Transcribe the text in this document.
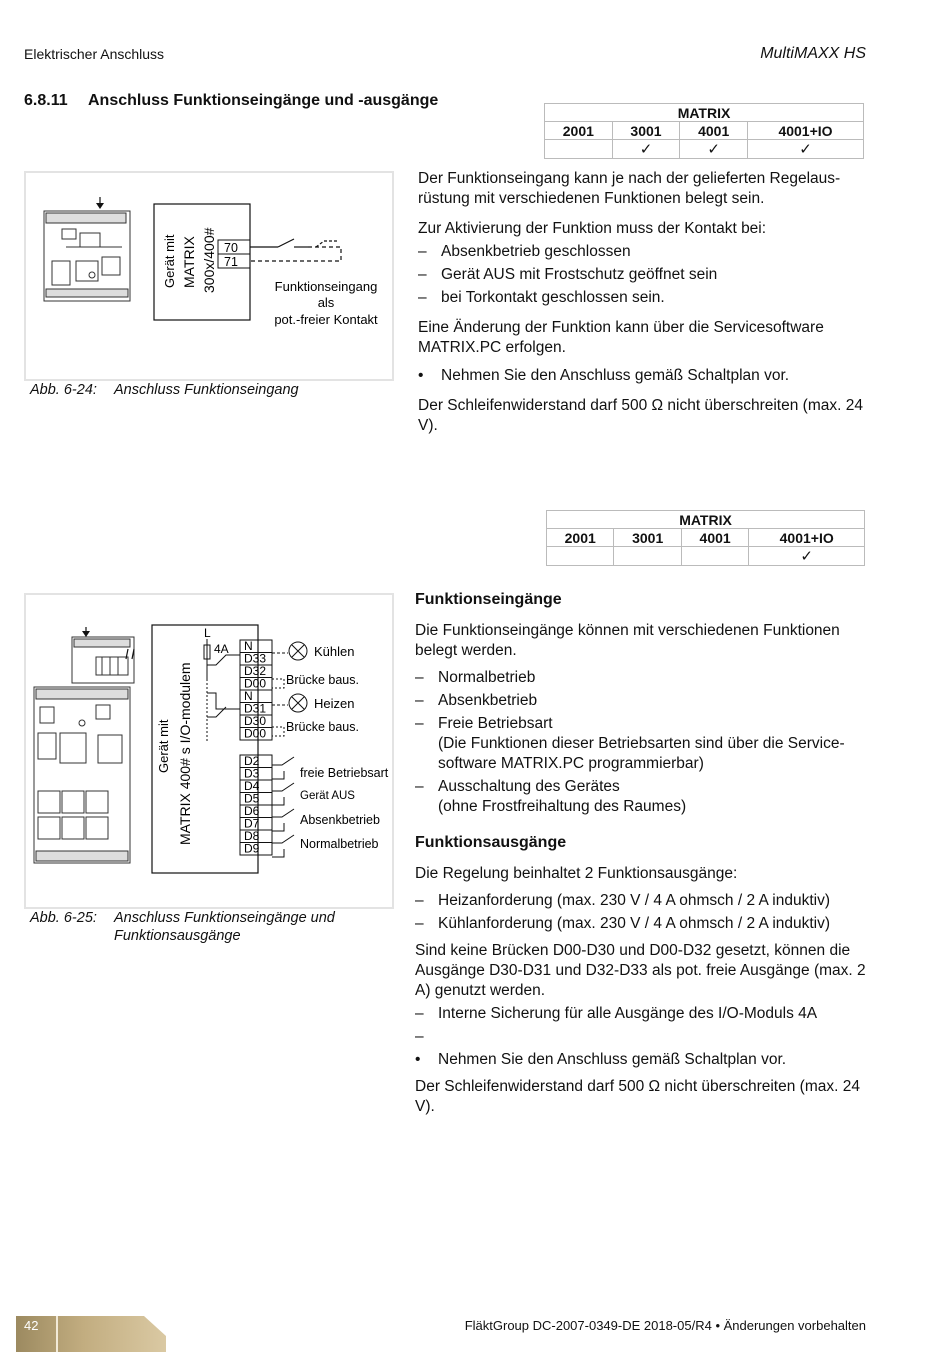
Elektrischer Anschluss	MultiMAXX HS
6.8.11 Anschluss Funktionseingänge und -ausgänge
MATRIX			
2001	3001	4001	4001+IO
	✓	✓	✓
Gerät mit MATRIX 300x/400# 70
71
Funktionseingang
als
pot.-freier Kontakt
Abb. 6-24: Anschluss Funktionseingang

Der Funktionseingang kann je nach der gelieferten Regelaus-rüstung mit verschiedenen Funktionen belegt sein.

Zur Aktivierung der Funktion muss der Kontakt bei:

– Absenkbetrieb geschlossen
– Gerät AUS mit Frostschutz geöffnet sein
– bei Torkontakt geschlossen sein.

Eine Änderung der Funktion kann über die Servicesoftware MATRIX.PC erfolgen.

• Nehmen Sie den Anschluss gemäß Schaltplan vor.

Der Schleifenwiderstand darf 500 Ω nicht überschreiten (max. 24 V).

MATRIX			
2001	3001	4001	4001+IO
			✓
Gerät mit MATRIX 400# s I/O-modulem
L
4A N
D33
D32
D00
N
D31
D30
D00
D2
D3
D4
D5
D6
D7
D8
D9
Kühlen
Brücke baus.
Heizen
Brücke baus.
freie Betriebsart
Gerät AUS
Absenkbetrieb
Normalbetrieb
Abb. 6-25: Anschluss Funktionseingänge und
Funktionsausgänge

Funktionseingänge

Die Funktionseingänge können mit verschiedenen Funktionen belegt werden.

– Normalbetrieb
– Absenkbetrieb
– Freie Betriebsart
(Die Funktionen dieser Betriebsarten sind über die Service-software MATRIX.PC programmierbar)
– Ausschaltung des Gerätes
(ohne Frostfreihaltung des Raumes)

Funktionsausgänge

Die Regelung beinhaltet 2 Funktionsausgänge:

– Heizanforderung (max. 230 V / 4 A ohmsch / 2 A induktiv)
– Kühlanforderung (max. 230 V / 4 A ohmsch / 2 A induktiv)

Sind keine Brücken D00-D30 und D00-D32 gesetzt, können die Ausgänge D30-D31 und D32-D33 als pot. freie Ausgänge (max. 2 A) genutzt werden.

– Interne Sicherung für alle Ausgänge des I/O-Moduls 4A
–
• Nehmen Sie den Anschluss gemäß Schaltplan vor.

Der Schleifenwiderstand darf 500 Ω nicht überschreiten (max. 24 V).

42	FläktGroup DC-2007-0349-DE 2018-05/R4 • Änderungen vorbehalten
